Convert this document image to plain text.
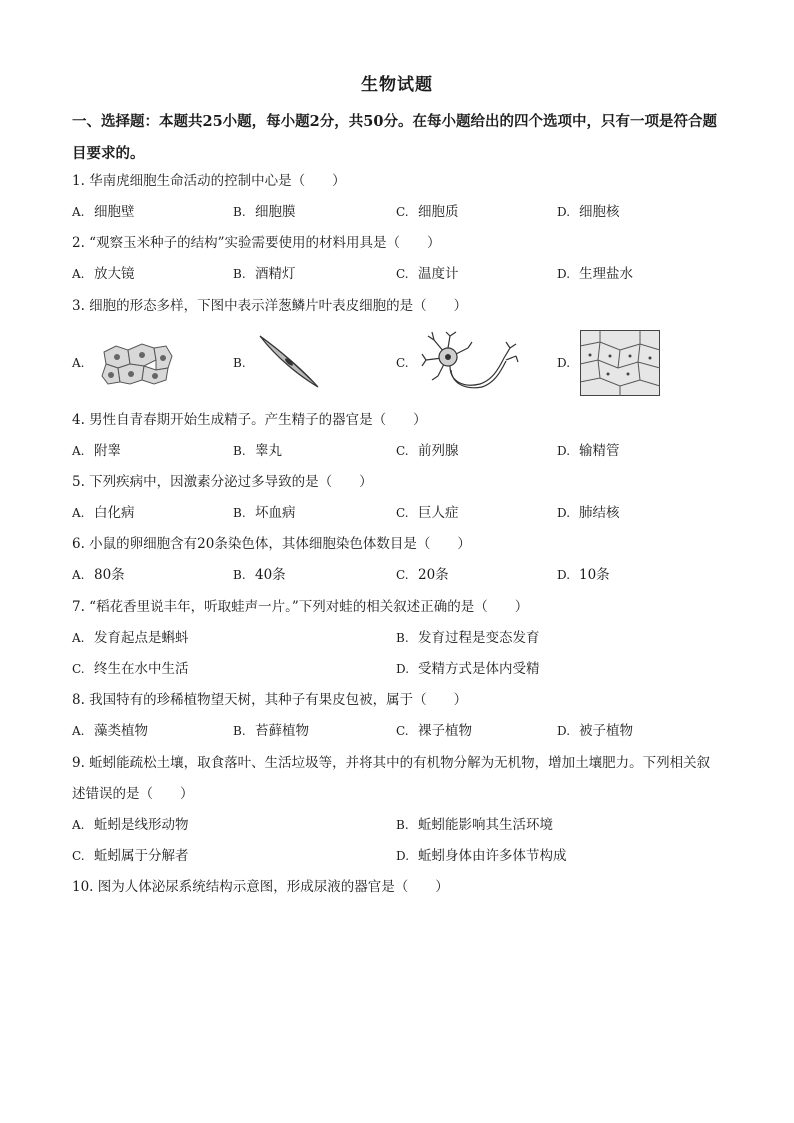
生物试题
一、选择题：本题共25小题，每小题2分，共50分。在每小题给出的四个选项中，只有一项是符合题目要求的。
1. 华南虎细胞生命活动的控制中心是（　　）
A. 细胞壁	B. 细胞膜	C. 细胞质	D. 细胞核
2. “观察玉米种子的结构”实验需要使用的材料用具是（　　）
A. 放大镜	B. 酒精灯	C. 温度计	D. 生理盐水
3. 细胞的形态多样，下图中表示洋葱鳞片叶表皮细胞的是（　　）
A.	B.	C.	D.
4. 男性自青春期开始生成精子。产生精子的器官是（　　）
A. 附睾	B. 睾丸	C. 前列腺	D. 输精管
5. 下列疾病中，因激素分泌过多导致的是（　　）
A. 白化病	B. 坏血病	C. 巨人症	D. 肺结核
6. 小鼠的卵细胞含有20条染色体，其体细胞染色体数目是（　　）
A. 80条	B. 40条	C. 20条	D. 10条
7. “稻花香里说丰年，听取蛙声一片。”下列对蛙的相关叙述正确的是（　　）
A. 发育起点是蝌蚪	B. 发育过程是变态发育
C. 终生在水中生活	D. 受精方式是体内受精
8. 我国特有的珍稀植物望天树，其种子有果皮包被，属于（　　）
A. 藻类植物	B. 苔藓植物	C. 裸子植物	D. 被子植物
9. 蚯蚓能疏松土壤，取食落叶、生活垃圾等，并将其中的有机物分解为无机物，增加土壤肥力。下列相关叙述错误的是（　　）
A. 蚯蚓是线形动物	B. 蚯蚓能影响其生活环境
C. 蚯蚓属于分解者	D. 蚯蚓身体由许多体节构成
10. 图为人体泌尿系统结构示意图，形成尿液的器官是（　　）
